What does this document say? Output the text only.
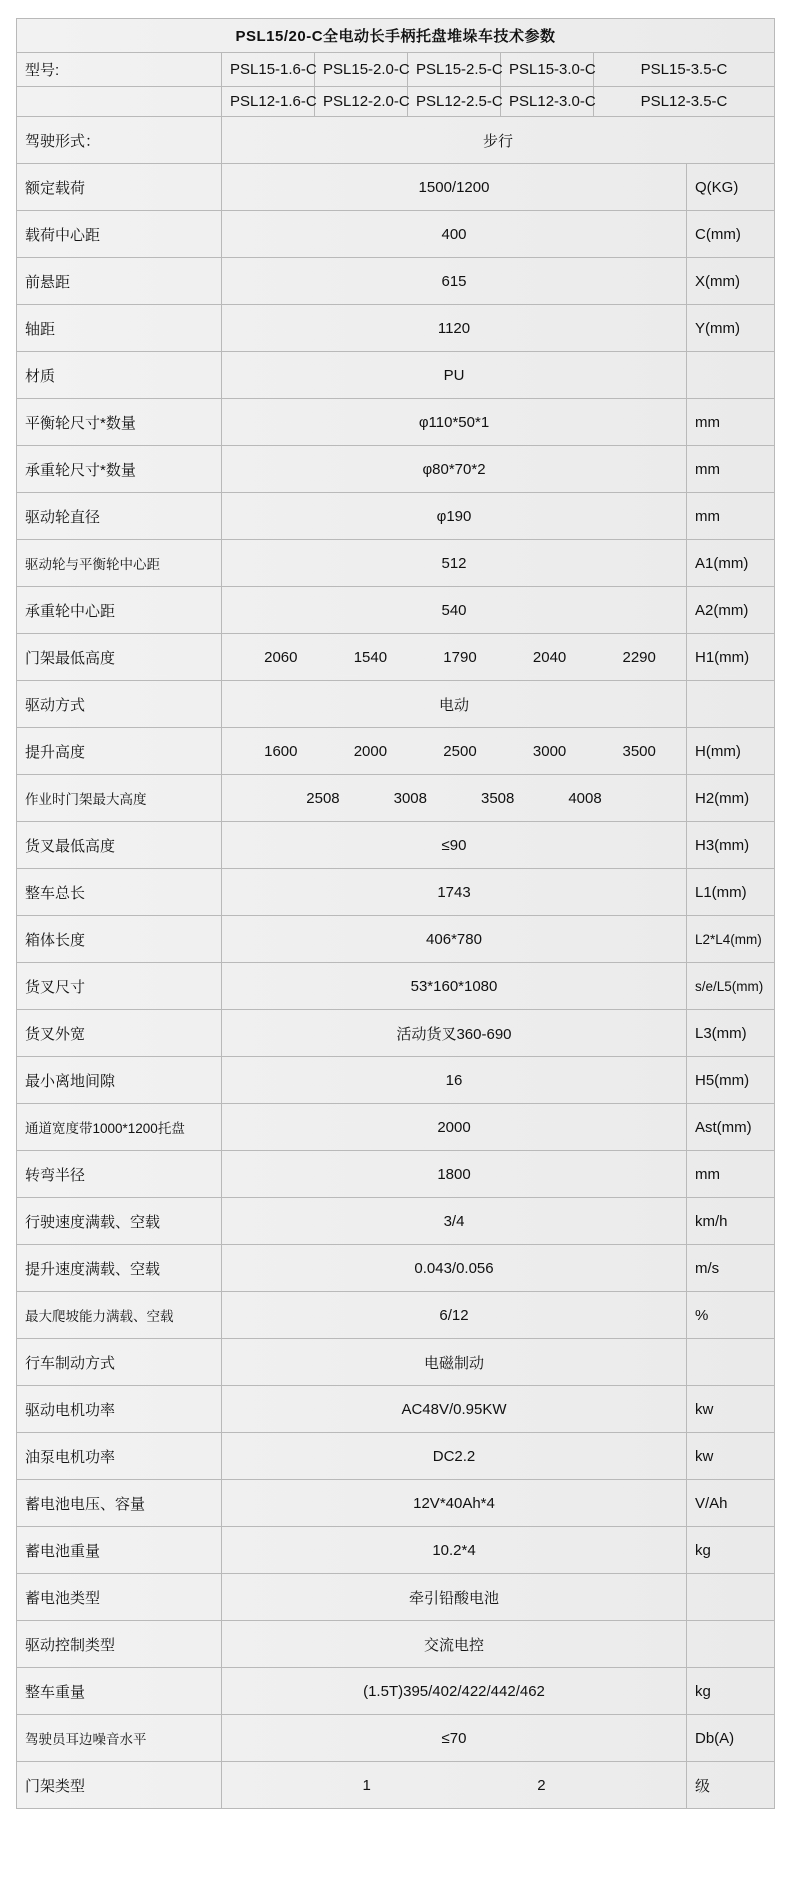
PSL15/20-C全电动长手柄托盘堆垛车技术参数						
型号:	PSL15-1.6-C	PSL15-2.0-C	PSL15-2.5-C	PSL15-3.0-C	PSL15-3.5-C	
	PSL12-1.6-C	PSL12-2.0-C	PSL12-2.5-C	PSL12-3.0-C	PSL12-3.5-C	
驾驶形式：	步行					
额定载荷	1500/1200					Q(KG)
载荷中心距	400					C(mm)
前悬距	615					X(mm)
轴距	1120					Y(mm)
材质	PU					
平衡轮尺寸*数量	φ110*50*1					mm
承重轮尺寸*数量	φ80*70*2					mm
驱动轮直径	φ190					mm
驱动轮与平衡轮中心距	512					A1(mm)
承重轮中心距	540					A2(mm)
门架最低高度	2060 1540 1790 2040 2290					H1(mm)
驱动方式	电动					
提升高度	1600 2000 2500 3000 3500					H(mm)
作业时门架最大高度	2508 3008 3508 4008					H2(mm)
货叉最低高度	≤90					H3(mm)
整车总长	1743					L1(mm)
箱体长度	406*780					L2*L4(mm)
货叉尺寸	53*160*1080					s/e/L5(mm)
货叉外宽	活动货叉360-690					L3(mm)
最小离地间隙	16					H5(mm)
通道宽度带1000*1200托盘	2000					Ast(mm)
转弯半径	1800					mm
行驶速度满载、空载	3/4					km/h
提升速度满载、空载	0.043/0.056					m/s
最大爬坡能力满载、空载	6/12					%
行车制动方式	电磁制动					
驱动电机功率	AC48V/0.95KW					kw
油泵电机功率	DC2.2					kw
蓄电池电压、容量	12V*40Ah*4					V/Ah
蓄电池重量	10.2*4					kg
蓄电池类型	牵引铅酸电池					
驱动控制类型	交流电控					
整车重量	(1.5T)395/402/422/442/462					kg
驾驶员耳边噪音水平	≤70					Db(A)
门架类型	1 2					级
